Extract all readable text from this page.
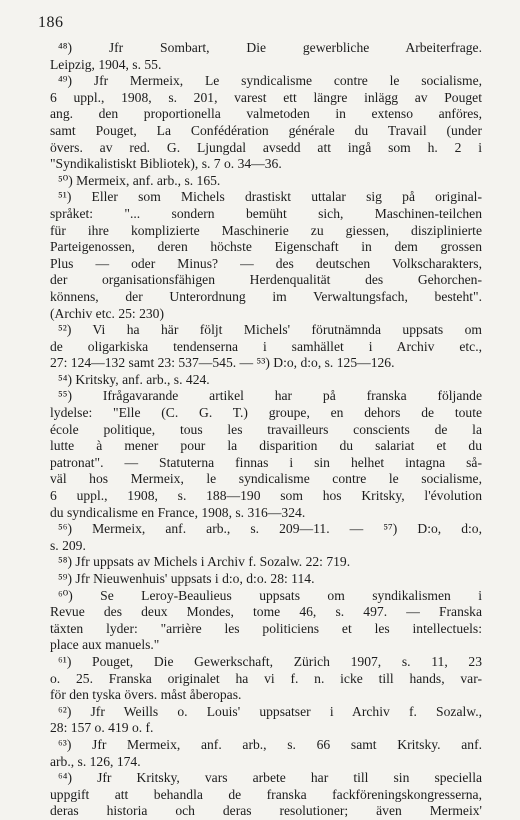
186
⁴⁸) Jfr Sombart, Die gewerbliche Arbeiterfrage.
Leipzig, 1904, s. 55.
⁴⁹) Jfr Mermeix, Le syndicalisme contre le socialisme,
6 uppl., 1908, s. 201, varest ett längre inlägg av Pouget
ang. den proportionella valmetoden in extenso anföres,
samt Pouget, La Confédération générale du Travail (under
övers. av red. G. Ljungdal avsedd att ingå som h. 2 i
"Syndikalistiskt Bibliotek), s. 7 o. 34—36.
⁵⁰) Mermeix, anf. arb., s. 165.
⁵¹) Eller som Michels drastiskt uttalar sig på original-
språket: "... sondern bemüht sich, Maschinen-teilchen
für ihre komplizierte Maschinerie zu giessen, disziplinierte
Parteigenossen, deren höchste Eigenschaft in dem grossen
Plus — oder Minus? — des deutschen Volkscharakters,
der organisationsfähigen Herdenqualität des Gehorchen-
könnens, der Unterordnung im Verwaltungsfach, besteht".
(Archiv etc. 25: 230)
⁵²) Vi ha här följt Michels' förutnämnda uppsats om
de oligarkiska tendenserna i samhället i Archiv etc.,
27: 124—132 samt 23: 537—545. — ⁵³) D:o, d:o, s. 125—126.
⁵⁴) Kritsky, anf. arb., s. 424.
⁵⁵) Ifrågavarande artikel har på franska följande
lydelse: "Elle (C. G. T.) groupe, en dehors de toute
école politique, tous les travailleurs conscients de la
lutte à mener pour la disparition du salariat et du
patronat". — Statuterna finnas i sin helhet intagna så-
väl hos Mermeix, le syndicalisme contre le socialisme,
6 uppl., 1908, s. 188—190 som hos Kritsky, l'évolution
du syndicalisme en France, 1908, s. 316—324.
⁵⁶) Mermeix, anf. arb., s. 209—11. — ⁵⁷) D:o, d:o,
s. 209.
⁵⁸) Jfr uppsats av Michels i Archiv f. Sozalw. 22: 719.
⁵⁹) Jfr Nieuwenhuis' uppsats i d:o, d:o. 28: 114.
⁶⁰) Se Leroy-Beaulieus uppsats om syndikalismen i
Revue des deux Mondes, tome 46, s. 497. — Franska
täxten lyder: "arrière les politiciens et les intellectuels:
place aux manuels."
⁶¹) Pouget, Die Gewerkschaft, Zürich 1907, s. 11, 23
o. 25. Franska originalet ha vi f. n. icke till hands, var-
för den tyska övers. måst åberopas.
⁶²) Jfr Weills o. Louis' uppsatser i Archiv f. Sozalw.,
28: 157 o. 419 o. f.
⁶³) Jfr Mermeix, anf. arb., s. 66 samt Kritsky. anf.
arb., s. 126, 174.
⁶⁴) Jfr Kritsky, vars arbete har till sin speciella
uppgift att behandla de franska fackföreningskongresserna,
deras historia och deras resolutioner; även Mermeix'
